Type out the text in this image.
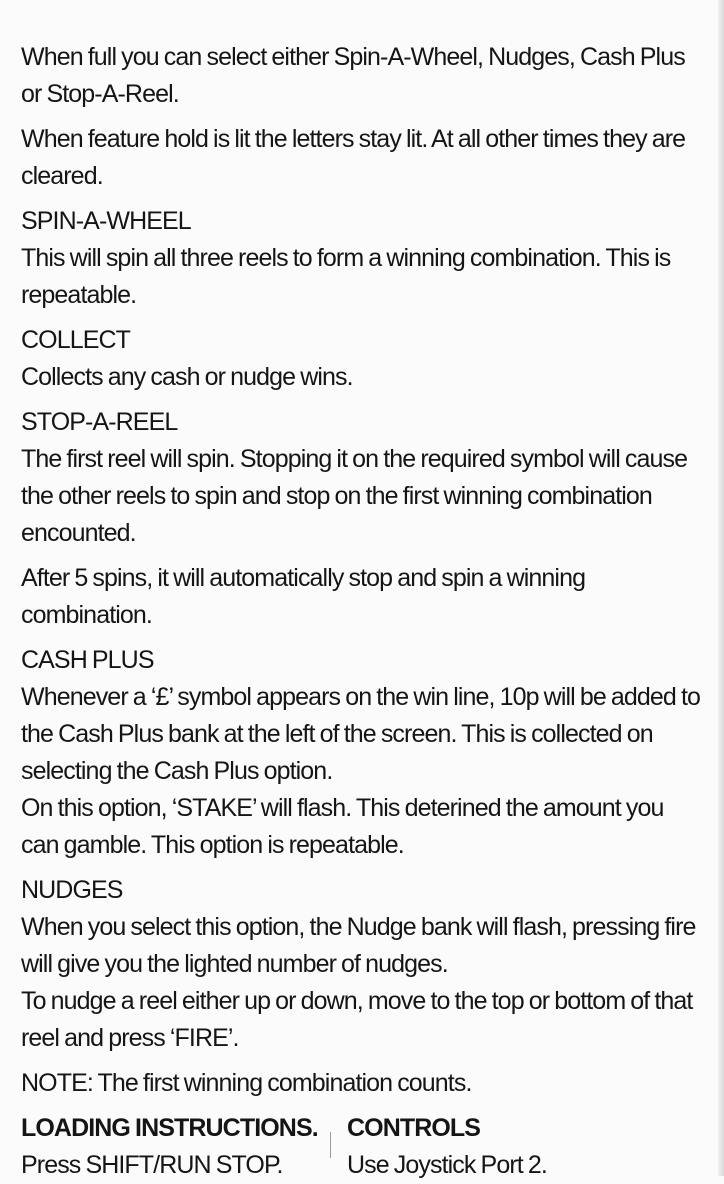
When full you can select either Spin-A-Wheel, Nudges, Cash Plus or Stop-A-Reel.

When feature hold is lit the letters stay lit. At all other times they are cleared.

SPIN-A-WHEEL
This will spin all three reels to form a winning combination. This is repeatable.
COLLECT
Collects any cash or nudge wins.
STOP-A-REEL
The first reel will spin. Stopping it on the required symbol will cause the other reels to spin and stop on the first winning combination encounted.

After 5 spins, it will automatically stop and spin a winning combination.

CASH PLUS
Whenever a ‘£’ symbol appears on the win line, 10p will be added to the Cash Plus bank at the left of the screen. This is collected on selecting the Cash Plus option.
On this option, ‘STAKE’ will flash. This deterined the amount you can gamble. This option is repeatable.
NUDGES
When you select this option, the Nudge bank will flash, pressing fire will give you the lighted number of nudges.
To nudge a reel either up or down, move to the top or bottom of that reel and press ‘FIRE’.

NOTE: The first winning combination counts.

LOADING INSTRUCTIONS.
Press SHIFT/RUN STOP.
CONTROLS
Use Joystick Port 2.
